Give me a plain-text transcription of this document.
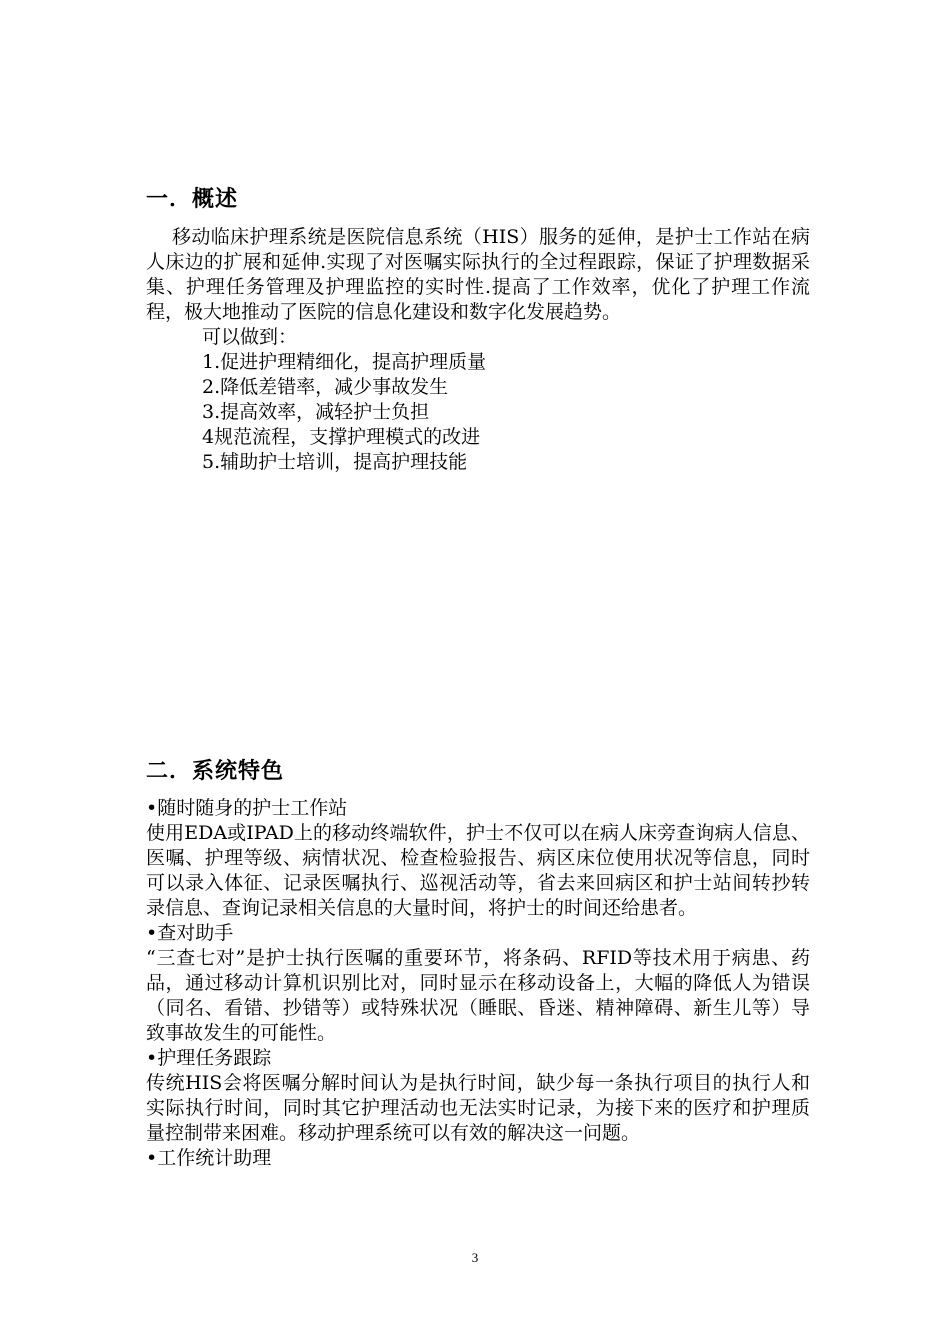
一．概述

移动临床护理系统是医院信息系统（HIS）服务的延伸，是护士工作站在病人床边的扩展和延伸.实现了对医嘱实际执行的全过程跟踪，保证了护理数据采集、护理任务管理及护理监控的实时性.提高了工作效率，优化了护理工作流程，极大地推动了医院的信息化建设和数字化发展趋势。

可以做到：

1.促进护理精细化，提高护理质量
2.降低差错率，减少事故发生
3.提高效率，减轻护士负担
4规范流程，支撑护理模式的改进
5.辅助护士培训，提高护理技能
二．系统特色

•随时随身的护士工作站

使用EDA或IPAD上的移动终端软件，护士不仅可以在病人床旁查询病人信息、医嘱、护理等级、病情状况、检查检验报告、病区床位使用状况等信息，同时可以录入体征、记录医嘱执行、巡视活动等，省去来回病区和护士站间转抄转录信息、查询记录相关信息的大量时间，将护士的时间还给患者。

•查对助手

“三查七对”是护士执行医嘱的重要环节，将条码、RFID等技术用于病患、药品，通过移动计算机识别比对，同时显示在移动设备上，大幅的降低人为错误（同名、看错、抄错等）或特殊状况（睡眠、昏迷、精神障碍、新生儿等）导致事故发生的可能性。

•护理任务跟踪

传统HIS会将医嘱分解时间认为是执行时间，缺少每一条执行项目的执行人和实际执行时间，同时其它护理活动也无法实时记录，为接下来的医疗和护理质量控制带来困难。移动护理系统可以有效的解决这一问题。

•工作统计助理

3
